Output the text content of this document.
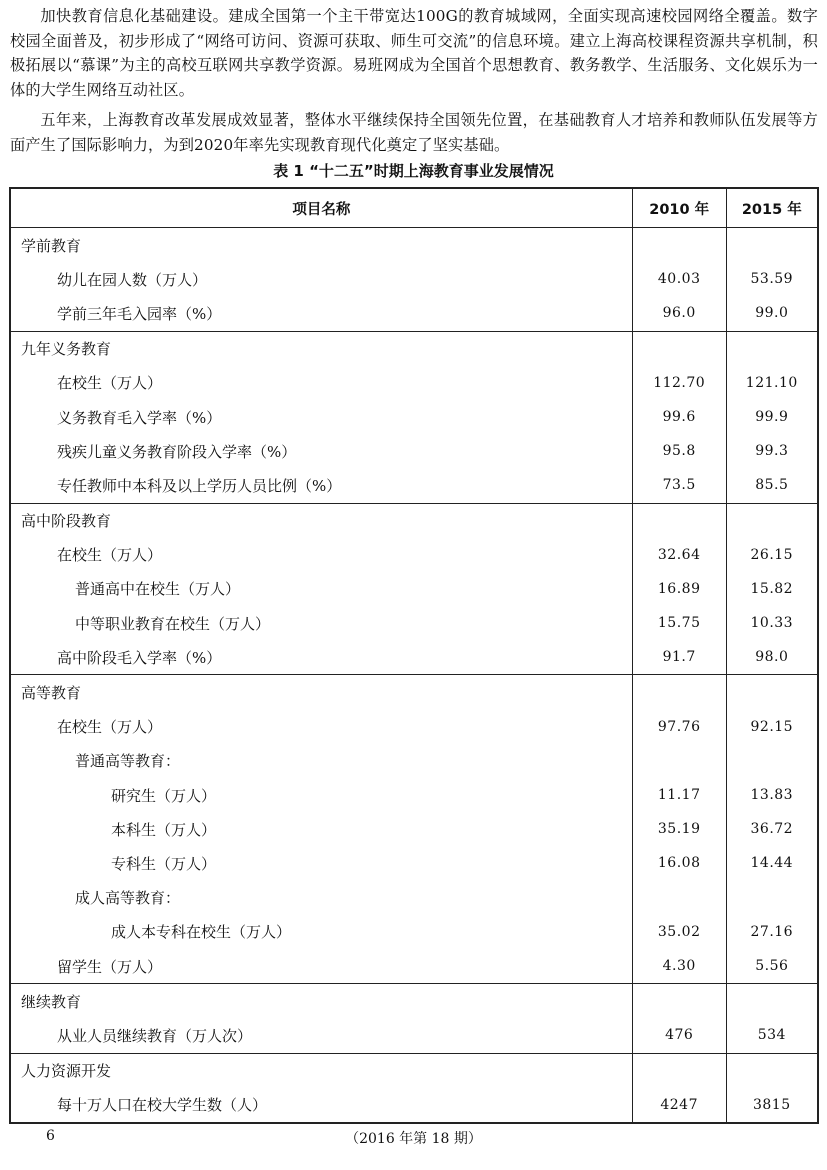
加快教育信息化基础建设。建成全国第一个主干带宽达100G的教育城域网，全面实现高速校园网络全覆盖。数字校园全面普及，初步形成了“网络可访问、资源可获取、师生可交流”的信息环境。建立上海高校课程资源共享机制，积极拓展以“慕课”为主的高校互联网共享教学资源。易班网成为全国首个思想教育、教务教学、生活服务、文化娱乐为一体的大学生网络互动社区。

五年来，上海教育改革发展成效显著，整体水平继续保持全国领先位置，在基础教育人才培养和教师队伍发展等方面产生了国际影响力，为到2020年率先实现教育现代化奠定了坚实基础。

表 1 “十二五”时期上海教育事业发展情况
项目名称	2010 年	2015 年
学前教育		
幼儿在园人数（万人）	40.03	53.59
学前三年毛入园率（%）	96.0	99.0
九年义务教育		
在校生（万人）	112.70	121.10
义务教育毛入学率（%）	99.6	99.9
残疾儿童义务教育阶段入学率（%）	95.8	99.3
专任教师中本科及以上学历人员比例（%）	73.5	85.5
高中阶段教育		
在校生（万人）	32.64	26.15
普通高中在校生（万人）	16.89	15.82
中等职业教育在校生（万人）	15.75	10.33
高中阶段毛入学率（%）	91.7	98.0
高等教育		
在校生（万人）	97.76	92.15
普通高等教育：		
研究生（万人）	11.17	13.83
本科生（万人）	35.19	36.72
专科生（万人）	16.08	14.44
成人高等教育：		
成人本专科在校生（万人）	35.02	27.16
留学生（万人）	4.30	5.56
继续教育		
从业人员继续教育（万人次）	476	534
人力资源开发		
每十万人口在校大学生数（人）	4247	3815
6	（2016 年第 18 期）
